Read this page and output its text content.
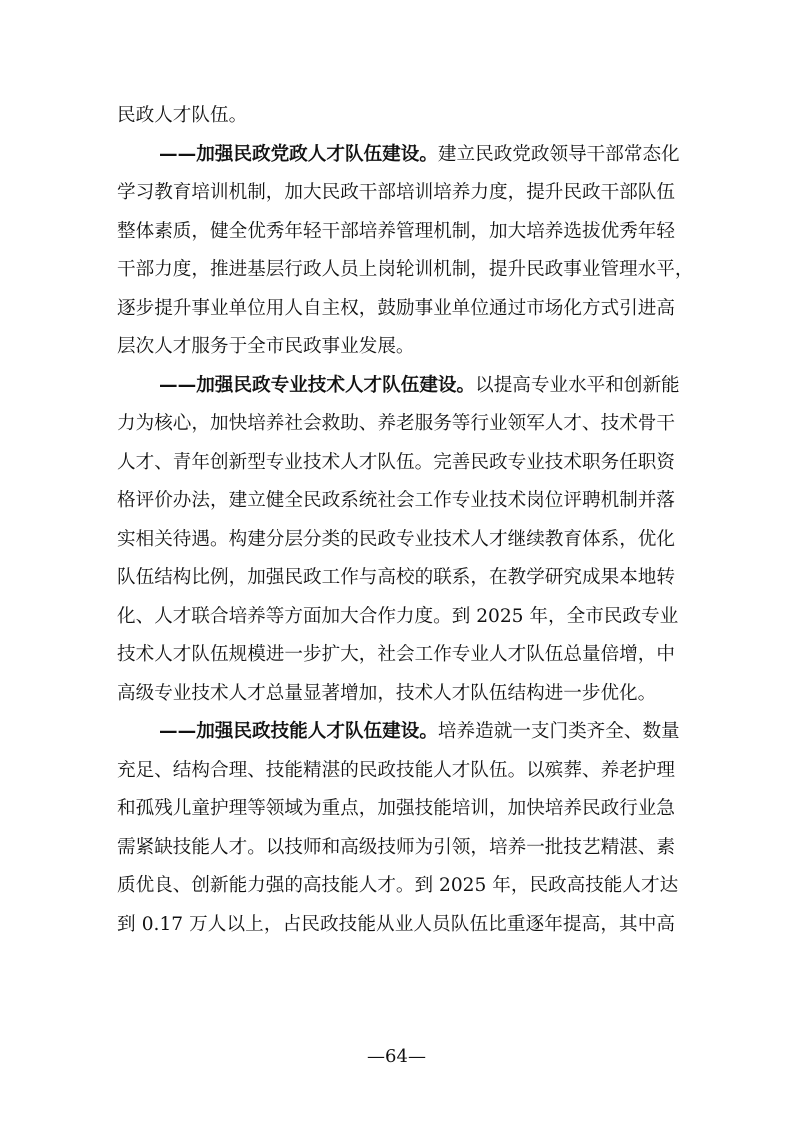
民政人才队伍。
——加强民政党政人才队伍建设。建立民政党政领导干部常态化
学习教育培训机制，加大民政干部培训培养力度，提升民政干部队伍
整体素质，健全优秀年轻干部培养管理机制，加大培养选拔优秀年轻
干部力度，推进基层行政人员上岗轮训机制，提升民政事业管理水平，
逐步提升事业单位用人自主权，鼓励事业单位通过市场化方式引进高
层次人才服务于全市民政事业发展。
——加强民政专业技术人才队伍建设。以提高专业水平和创新能
力为核心，加快培养社会救助、养老服务等行业领军人才、技术骨干
人才、青年创新型专业技术人才队伍。完善民政专业技术职务任职资
格评价办法，建立健全民政系统社会工作专业技术岗位评聘机制并落
实相关待遇。构建分层分类的民政专业技术人才继续教育体系，优化
队伍结构比例，加强民政工作与高校的联系，在教学研究成果本地转
化、人才联合培养等方面加大合作力度。到 2025 年，全市民政专业
技术人才队伍规模进一步扩大，社会工作专业人才队伍总量倍增，中
高级专业技术人才总量显著增加，技术人才队伍结构进一步优化。
——加强民政技能人才队伍建设。培养造就一支门类齐全、数量
充足、结构合理、技能精湛的民政技能人才队伍。以殡葬、养老护理
和孤残儿童护理等领域为重点，加强技能培训，加快培养民政行业急
需紧缺技能人才。以技师和高级技师为引领，培养一批技艺精湛、素
质优良、创新能力强的高技能人才。到 2025 年，民政高技能人才达
到 0.17 万人以上，占民政技能从业人员队伍比重逐年提高，其中高
—64—
